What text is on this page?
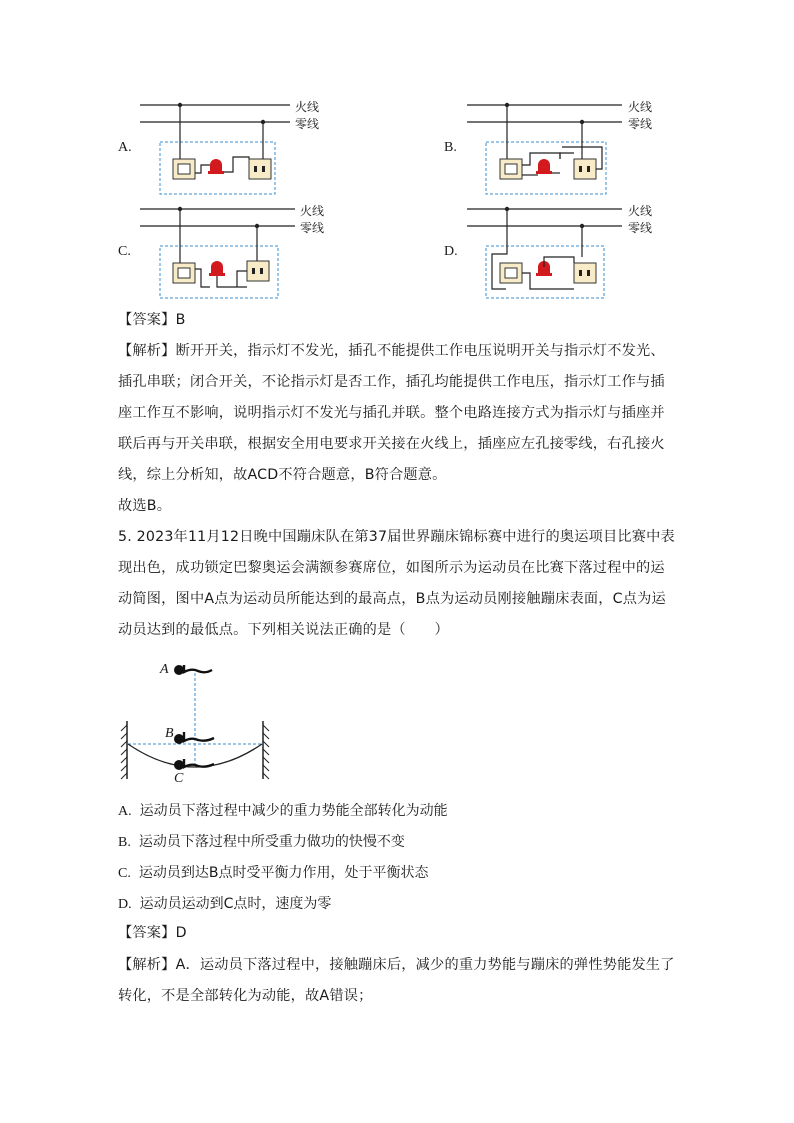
A.
火线
零线
B.
火线
零线
C.
火线
零线
D.
火线
零线
【答案】B
【解析】断开开关，指示灯不发光，插孔不能提供工作电压说明开关与指示灯不发光、插孔串联；闭合开关，不论指示灯是否工作，插孔均能提供工作电压，指示灯工作与插座工作互不影响，说明指示灯不发光与插孔并联。整个电路连接方式为指示灯与插座并联后再与开关串联，根据安全用电要求开关接在火线上，插座应左孔接零线，右孔接火线，综上分析知，故ACD不符合题意，B符合题意。
故选B。
5. 2023年11月12日晚中国蹦床队在第37届世界蹦床锦标赛中进行的奥运项目比赛中表现出色，成功锁定巴黎奥运会满额参赛席位，如图所示为运动员在比赛下落过程中的运动简图，图中A点为运动员所能达到的最高点，B点为运动员刚接触蹦床表面，C点为运动员达到的最低点。下列相关说法正确的是（　　）
A
B
C
A. 运动员下落过程中减少的重力势能全部转化为动能
B. 运动员下落过程中所受重力做功的快慢不变
C. 运动员到达B点时受平衡力作用，处于平衡状态
D. 运动员运动到C点时，速度为零
【答案】D
【解析】A．运动员下落过程中，接触蹦床后，减少的重力势能与蹦床的弹性势能发生了转化，不是全部转化为动能，故A错误；
